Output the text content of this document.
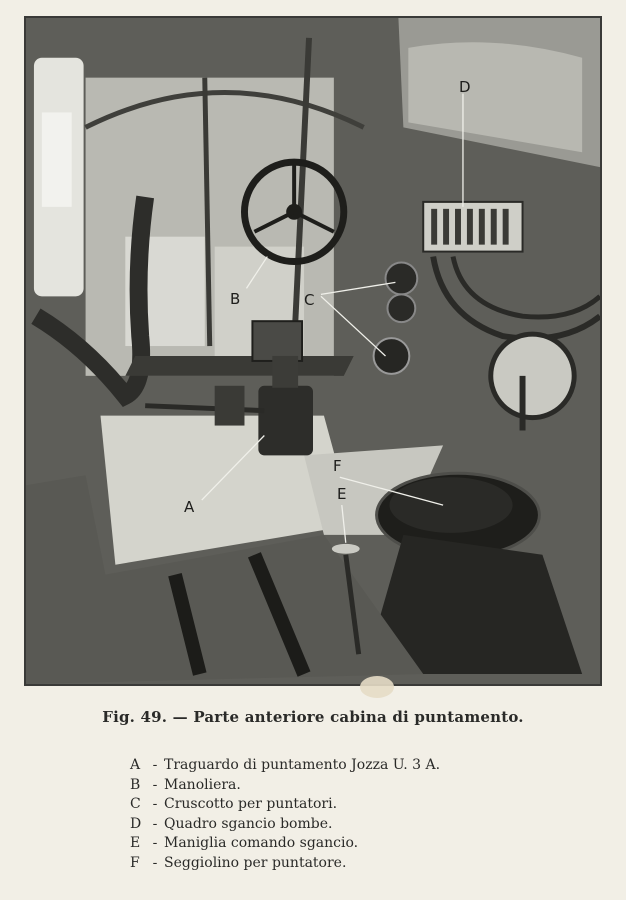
D
B	C
A
F
E
Fig. 49. — Parte anteriore cabina di puntamento.
A - Traguardo di puntamento Jozza U. 3 A.
B - Manoliera.
C - Cruscotto per puntatori.
D - Quadro sgancio bombe.
E - Maniglia comando sgancio.
F - Seggiolino per puntatore.
